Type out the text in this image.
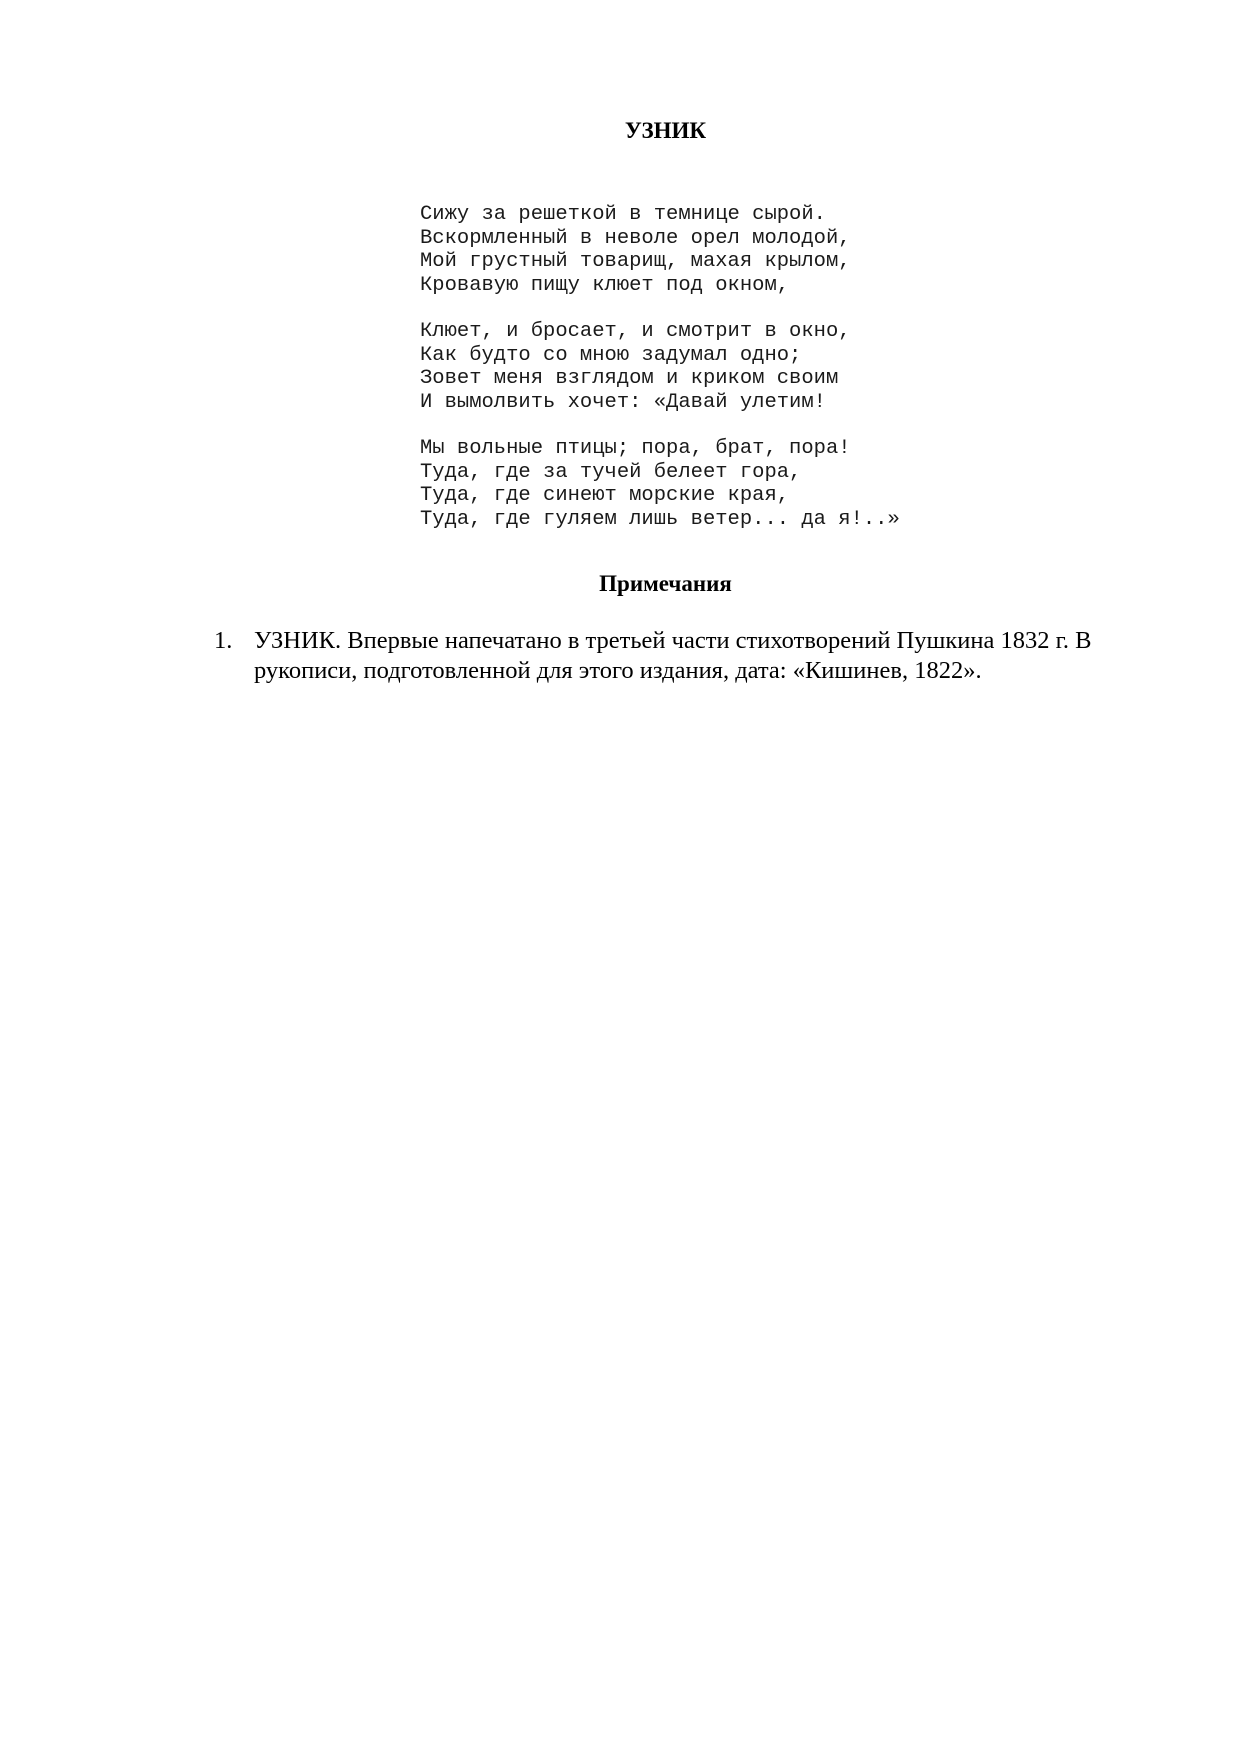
УЗНИК
Сижу за решеткой в темнице сырой.
Вскормленный в неволе орел молодой,
Мой грустный товарищ, махая крылом,
Кровавую пищу клюет под окном,
Клюет, и бросает, и смотрит в окно,
Как будто со мною задумал одно;
Зовет меня взглядом и криком своим
И вымолвить хочет: «Давай улетим!
Мы вольные птицы; пора, брат, пора!
Туда, где за тучей белеет гора,
Туда, где синеют морские края,
Туда, где гуляем лишь ветер... да я!..»
Примечания
1. УЗНИК. Впервые напечатано в третьей части стихотворений Пушкина 1832 г. В рукописи, подготовленной для этого издания, дата: «Кишинев, 1822».
